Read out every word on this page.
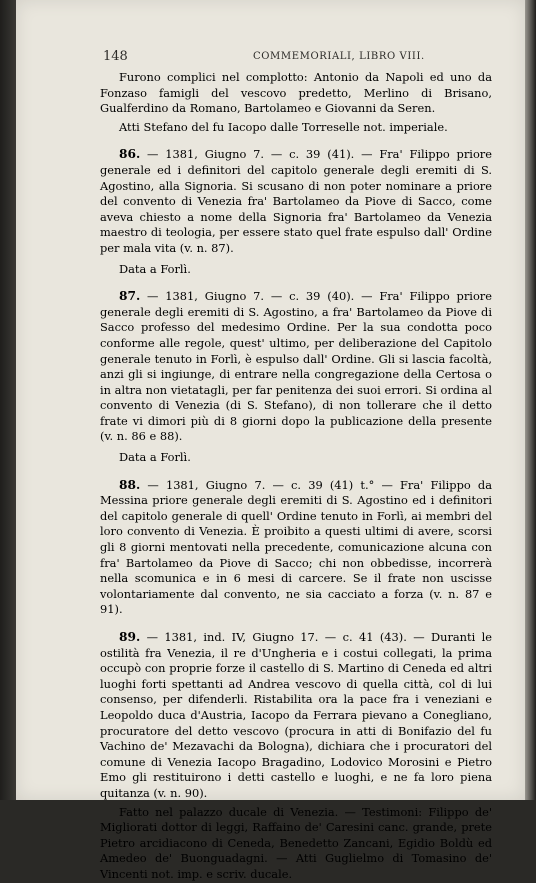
148	COMMEMORIALI, LIBRO VIII.

Furono complici nel complotto: Antonio da Napoli ed uno da Fonzaso famigli del vescovo predetto, Merlino di Brisano, Gualferdino da Romano, Bartolameo e Giovanni da Seren.

Atti Stefano del fu Iacopo dalle Torreselle not. imperiale.

86. — 1381, Giugno 7. — c. 39 (41). — Fra' Filippo priore generale ed i definitori del capitolo generale degli eremiti di S. Agostino, alla Signoria. Si scusano di non poter nominare a priore del convento di Venezia fra' Bartolameo da Piove di Sacco, come aveva chiesto a nome della Signoria fra' Bartolameo da Venezia maestro di teologia, per essere stato quel frate espulso dall' Ordine per mala vita (v. n. 87).

Data a Forlì.

87. — 1381, Giugno 7. — c. 39 (40). — Fra' Filippo priore generale degli eremiti di S. Agostino, a fra' Bartolameo da Piove di Sacco professo del medesimo Ordine. Per la sua condotta poco conforme alle regole, quest' ultimo, per deliberazione del Capitolo generale tenuto in Forlì, è espulso dall' Ordine. Gli si lascia facoltà, anzi gli si ingiunge, di entrare nella congregazione della Certosa o in altra non vietatagli, per far penitenza dei suoi errori. Si ordina al convento di Venezia (di S. Stefano), di non tollerare che il detto frate vi dimori più di 8 giorni dopo la publicazione della presente (v. n. 86 e 88).

Data a Forlì.

88. — 1381, Giugno 7. — c. 39 (41) t.° — Fra' Filippo da Messina priore generale degli eremiti di S. Agostino ed i definitori del capitolo generale di quell' Ordine tenuto in Forlì, ai membri del loro convento di Venezia. È proibito a questi ultimi di avere, scorsi gli 8 giorni mentovati nella precedente, comunicazione alcuna con fra' Bartolameo da Piove di Sacco; chi non obbedisse, incorrerà nella scomunica e in 6 mesi di carcere. Se il frate non uscisse volontariamente dal convento, ne sia cacciato a forza (v. n. 87 e 91).

89. — 1381, ind. IV, Giugno 17. — c. 41 (43). — Duranti le ostilità fra Venezia, il re d'Ungheria e i costui collegati, la prima occupò con proprie forze il castello di S. Martino di Ceneda ed altri luoghi forti spettanti ad Andrea vescovo di quella città, col di lui consenso, per difenderli. Ristabilita ora la pace fra i veneziani e Leopoldo duca d'Austria, Iacopo da Ferrara pievano a Conegliano, procuratore del detto vescovo (procura in atti di Bonifazio del fu Vachino de' Mezavachi da Bologna), dichiara che i procuratori del comune di Venezia Iacopo Bragadino, Lodovico Morosini e Pietro Emo gli restituirono i detti castello e luoghi, e ne fa loro piena quitanza (v. n. 90).

Fatto nel palazzo ducale di Venezia. — Testimoni: Filippo de' Migliorati dottor di leggi, Raffaino de' Caresini canc. grande, prete Pietro arcidiacono di Ceneda, Benedetto Zancani, Egidio Boldù ed Amedeo de' Buonguadagni. — Atti Guglielmo di Tomasino de' Vincenti not. imp. e scriv. ducale.
